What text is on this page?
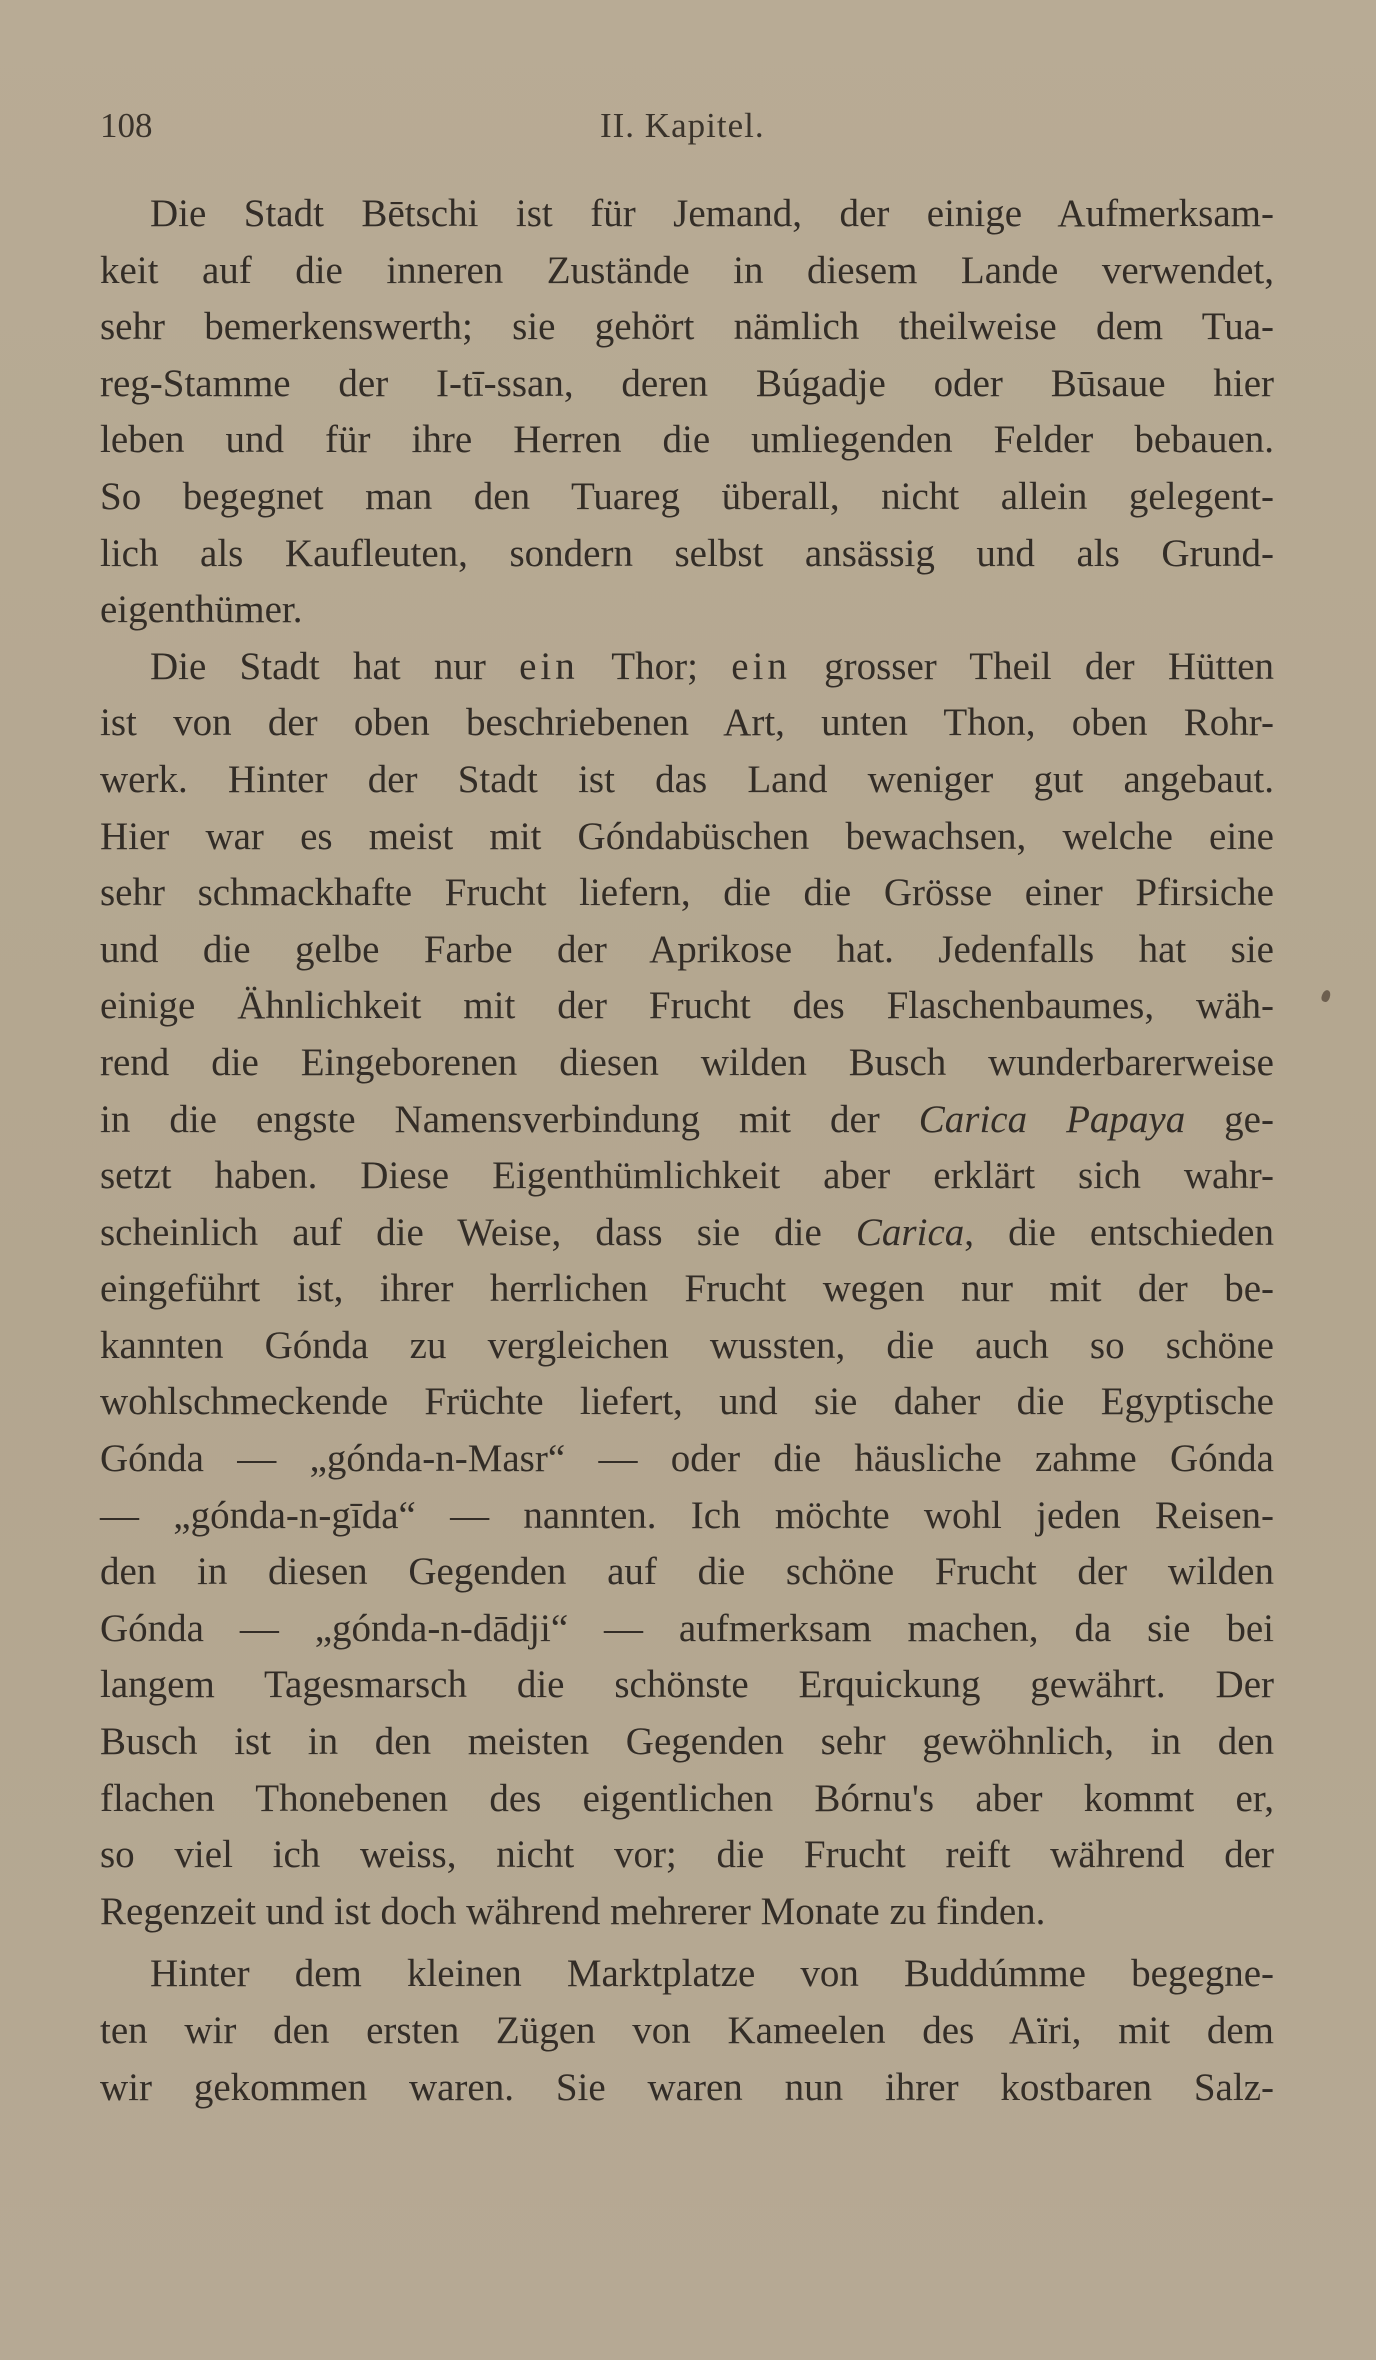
108	II. Kapitel.
Die Stadt Bētschi ist für Jemand, der einige Aufmerksam-
keit auf die inneren Zustände in diesem Lande verwendet,
sehr bemerkenswerth; sie gehört nämlich theilweise dem Tua-
reg-Stamme der I-tī-ssan, deren Búgadje oder Būsaue hier
leben und für ihre Herren die umliegenden Felder bebauen.
So begegnet man den Tuareg überall, nicht allein gelegent-
lich als Kaufleuten, sondern selbst ansässig und als Grund-
eigenthümer.
Die Stadt hat nur ein Thor; ein grosser Theil der Hütten
ist von der oben beschriebenen Art, unten Thon, oben Rohr-
werk. Hinter der Stadt ist das Land weniger gut angebaut.
Hier war es meist mit Góndabüschen bewachsen, welche eine
sehr schmackhafte Frucht liefern, die die Grösse einer Pfirsiche
und die gelbe Farbe der Aprikose hat. Jedenfalls hat sie
einige Ähnlichkeit mit der Frucht des Flaschenbaumes, wäh-
rend die Eingeborenen diesen wilden Busch wunderbarerweise
in die engste Namensverbindung mit der Carica Papaya ge-
setzt haben. Diese Eigenthümlichkeit aber erklärt sich wahr-
scheinlich auf die Weise, dass sie die Carica, die entschieden
eingeführt ist, ihrer herrlichen Frucht wegen nur mit der be-
kannten Gónda zu vergleichen wussten, die auch so schöne
wohlschmeckende Früchte liefert, und sie daher die Egyptische
Gónda — „gónda-n-Masr“ — oder die häusliche zahme Gónda
— „gónda-n-gīda“ — nannten. Ich möchte wohl jeden Reisen-
den in diesen Gegenden auf die schöne Frucht der wilden
Gónda — „gónda-n-dādji“ — aufmerksam machen, da sie bei
langem Tagesmarsch die schönste Erquickung gewährt. Der
Busch ist in den meisten Gegenden sehr gewöhnlich, in den
flachen Thonebenen des eigentlichen Bórnu's aber kommt er,
so viel ich weiss, nicht vor; die Frucht reift während der
Regenzeit und ist doch während mehrerer Monate zu finden.
Hinter dem kleinen Marktplatze von Buddúmme begegne-
ten wir den ersten Zügen von Kameelen des Aïri, mit dem
wir gekommen waren. Sie waren nun ihrer kostbaren Salz-
